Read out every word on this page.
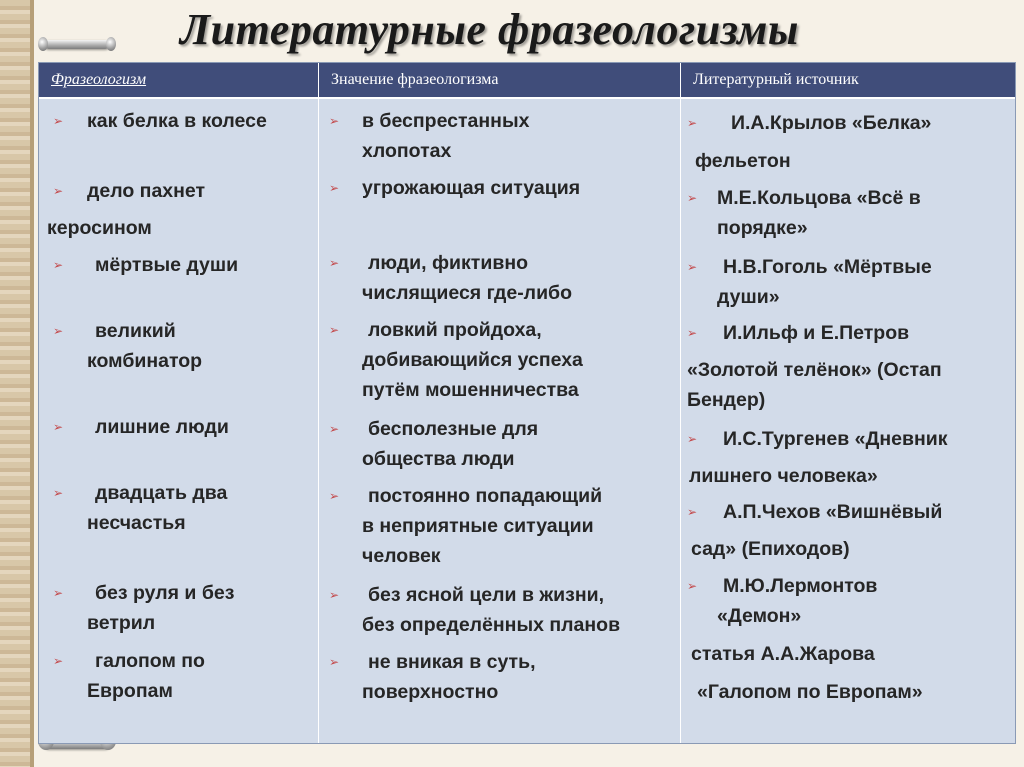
Литературные фразеологизмы
Фразеологизм	Значение фразеологизма	Литературный источник
➢ как белка в колесе
➢ дело пахнет
керосином
➢ мёртвые души
➢ великий
комбинатор
➢ лишние люди
➢ двадцать два
несчастья
➢ без руля и без
ветрил
➢ галопом по
Европам
➢ в беспрестанных
хлопотах
➢ угрожающая ситуация
➢ люди, фиктивно
числящиеся где-либо
➢ ловкий пройдоха,
добивающийся успеха
путём мошенничества
➢ бесполезные для
общества люди
➢ постоянно попадающий
в неприятные ситуации
человек
➢ без ясной цели в жизни,
без определённых планов
➢ не вникая в суть,
поверхностно
➢ И.А.Крылов «Белка»
фельетон
➢ М.Е.Кольцова «Всё в
порядке»
➢ Н.В.Гоголь «Мёртвые
души»
➢ И.Ильф и Е.Петров
«Золотой телёнок» (Остап
Бендер)
➢ И.С.Тургенев «Дневник
лишнего человека»
➢ А.П.Чехов «Вишнёвый
сад» (Епиходов)
➢ М.Ю.Лермонтов
«Демон»
статья А.А.Жарова
«Галопом по Европам»
